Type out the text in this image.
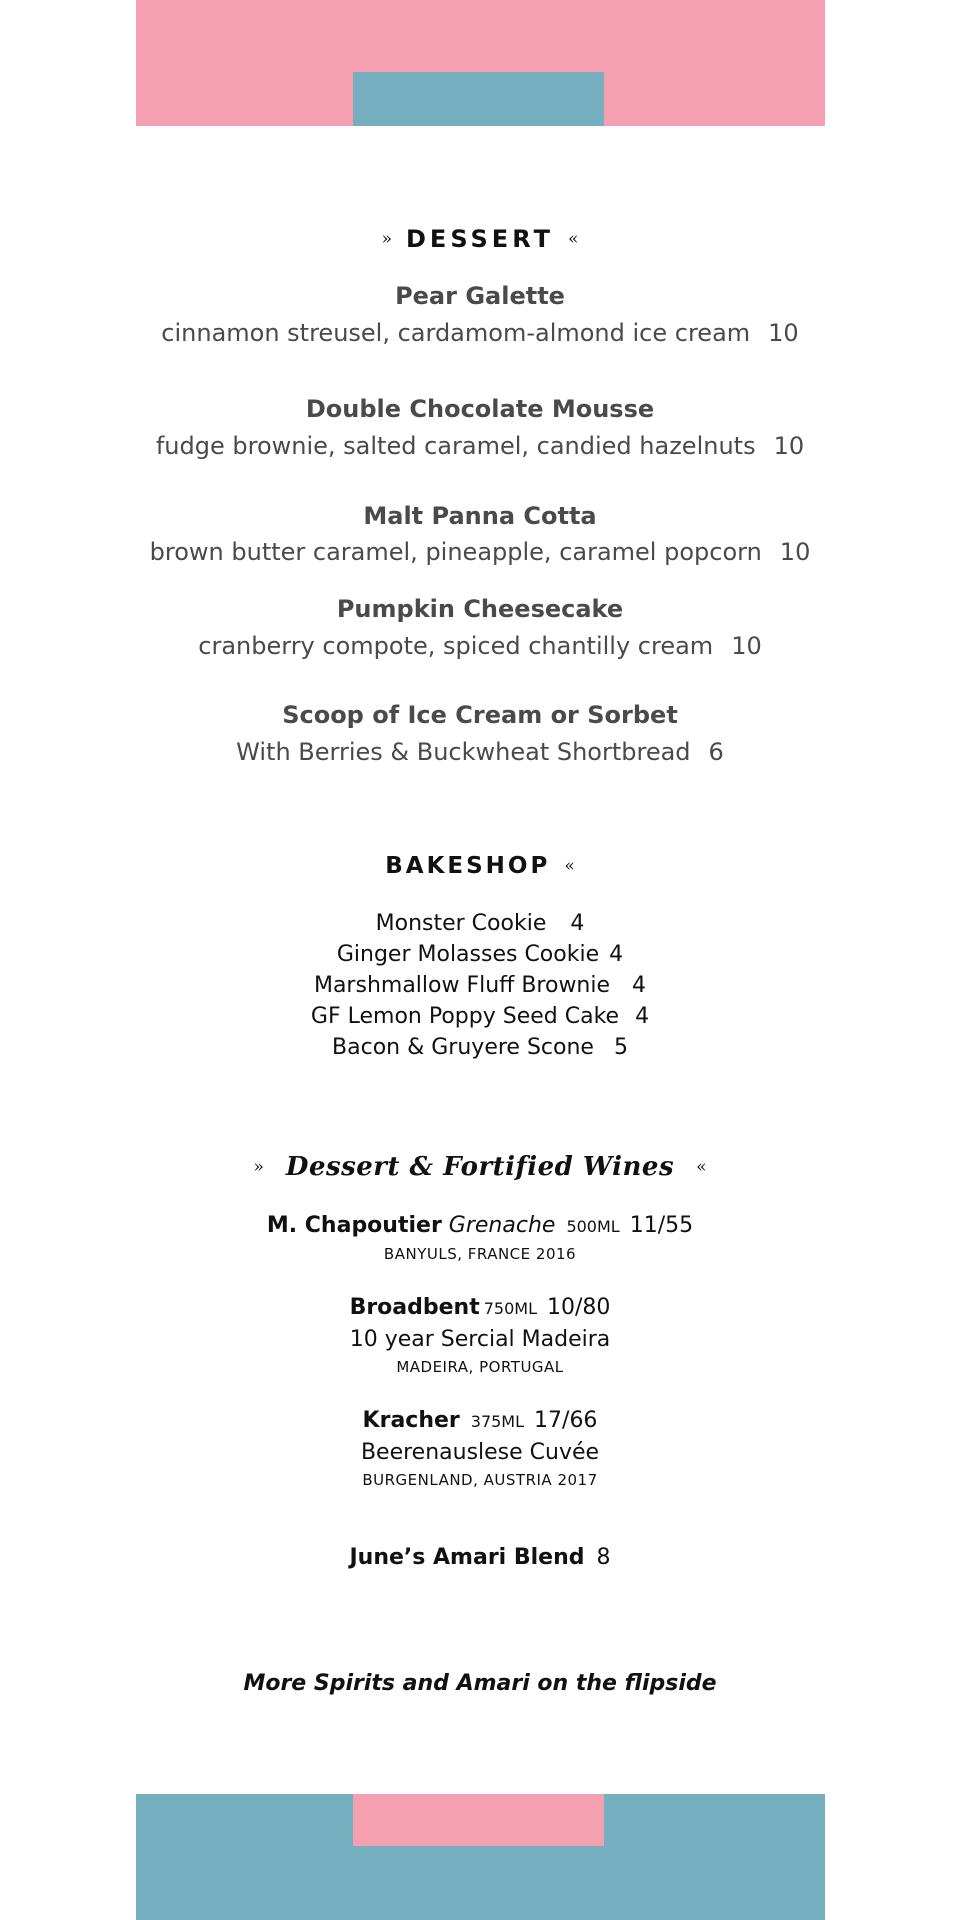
» DESSERT «
Pear Galette
cinnamon streusel, cardamom-almond ice cream 10
Double Chocolate Mousse
fudge brownie, salted caramel, candied hazelnuts 10
Malt Panna Cotta
brown butter caramel, pineapple, caramel popcorn 10
Pumpkin Cheesecake
cranberry compote, spiced chantilly cream 10
Scoop of Ice Cream or Sorbet
With Berries & Buckwheat Shortbread 6
BAKESHOP «
Monster Cookie 4
Ginger Molasses Cookie 4
Marshmallow Fluff Brownie 4
GF Lemon Poppy Seed Cake 4
Bacon & Gruyere Scone 5
» Dessert & Fortified Wines «
M. Chapoutier Grenache 500ML 11/55
BANYULS, FRANCE 2016
Broadbent 750ML 10/80
10 year Sercial Madeira
MADEIRA, PORTUGAL
Kracher 375ML 17/66
Beerenauslese Cuvée
BURGENLAND, AUSTRIA 2017
June’s Amari Blend 8
More Spirits and Amari on the flipside
